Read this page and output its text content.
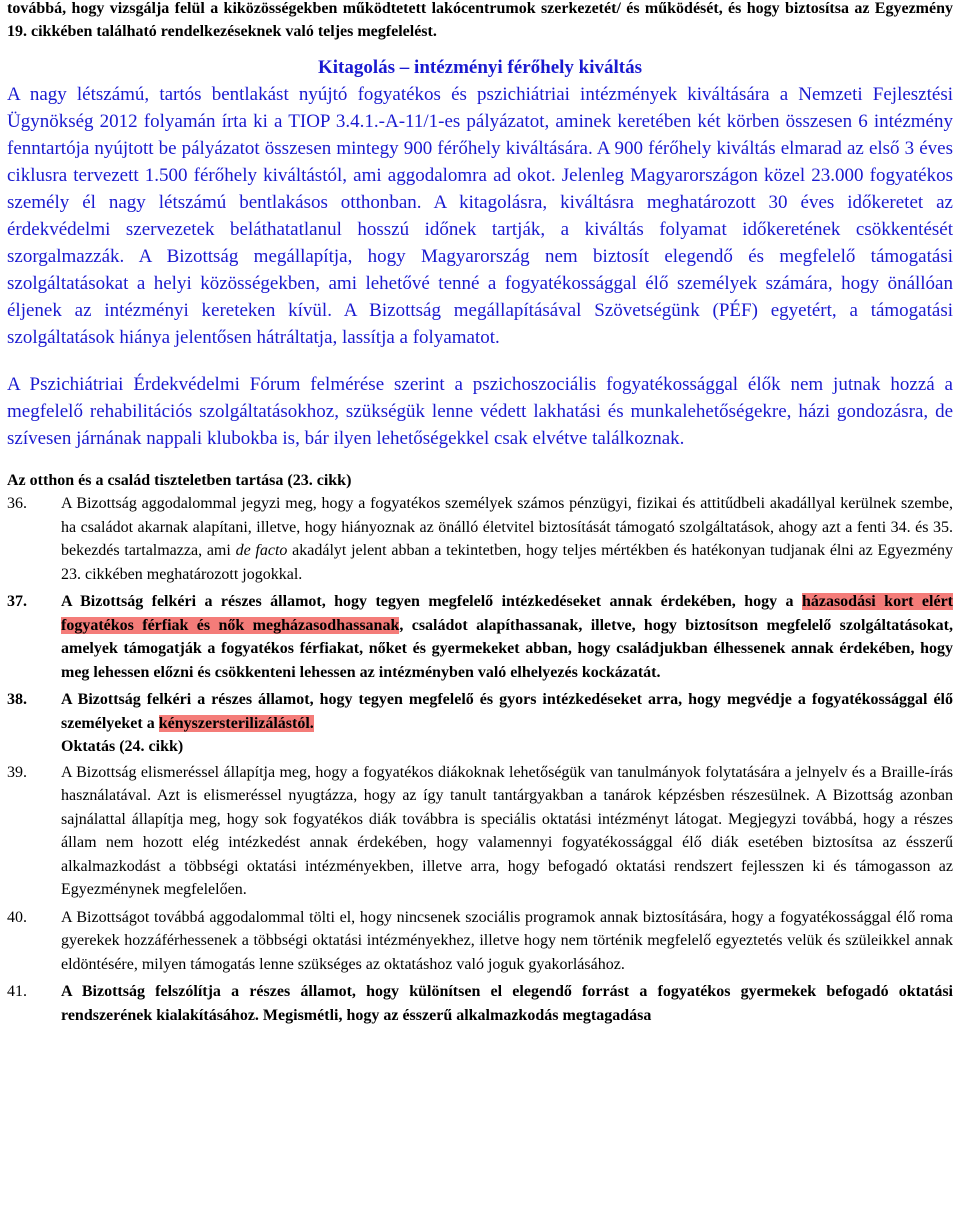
továbbá, hogy vizsgálja felül a kiközösségekben működtetett lakócentrumok szerkezetét/ és működését, és hogy biztosítsa az Egyezmény 19. cikkében található rendelkezéseknek való teljes megfelelést.

Kitagolás – intézményi férőhely kiváltás

A nagy létszámú, tartós bentlakást nyújtó fogyatékos és pszichiátriai intézmények kiváltására a Nemzeti Fejlesztési Ügynökség 2012 folyamán írta ki a TIOP 3.4.1.-A-11/1-es pályázatot, aminek keretében két körben összesen 6 intézmény fenntartója nyújtott be pályázatot összesen mintegy 900 férőhely kiváltására. A 900 férőhely kiváltás elmarad az első 3 éves ciklusra tervezett 1.500 férőhely kiváltástól, ami aggodalomra ad okot. Jelenleg Magyarországon közel 23.000 fogyatékos személy él nagy létszámú bentlakásos otthonban. A kitagolásra, kiváltásra meghatározott 30 éves időkeretet az érdekvédelmi szervezetek beláthatatlanul hosszú időnek tartják, a kiváltás folyamat időkeretének csökkentését szorgalmazzák. A Bizottság megállapítja, hogy Magyarország nem biztosít elegendő és megfelelő támogatási szolgáltatásokat a helyi közösségekben, ami lehetővé tenné a fogyatékossággal élő személyek számára, hogy önállóan éljenek az intézményi kereteken kívül. A Bizottság megállapításával Szövetségünk (PÉF) egyetért, a támogatási szolgáltatások hiánya jelentősen hátráltatja, lassítja a folyamatot.

A Pszichiátriai Érdekvédelmi Fórum felmérése szerint a pszichoszociális fogyatékossággal élők nem jutnak hozzá a megfelelő rehabilitációs szolgáltatásokhoz, szükségük lenne védett lakhatási és munkalehetőségekre, házi gondozásra, de szívesen járnának nappali klubokba is, bár ilyen lehetőségekkel csak elvétve találkoznak.

Az otthon és a család tiszteletben tartása (23. cikk)

36.	A Bizottság aggodalommal jegyzi meg, hogy a fogyatékos személyek számos pénzügyi, fizikai és attitűdbeli akadállyal kerülnek szembe, ha családot akarnak alapítani, illetve, hogy hiányoznak az önálló életvitel biztosítását támogató szolgáltatások, ahogy azt a fenti 34. és 35. bekezdés tartalmazza, ami de facto akadályt jelent abban a tekintetben, hogy teljes mértékben és hatékonyan tudjanak élni az Egyezmény 23. cikkében meghatározott jogokkal.
37.	A Bizottság felkéri a részes államot, hogy tegyen megfelelő intézkedéseket annak érdekében, hogy a házasodási kort elért fogyatékos férfiak és nők megházasodhassanak, családot alapíthassanak, illetve, hogy biztosítson megfelelő szolgáltatásokat, amelyek támogatják a fogyatékos férfiakat, nőket és gyermekeket abban, hogy családjukban élhessenek annak érdekében, hogy meg lehessen előzni és csökkenteni lehessen az intézményben való elhelyezés kockázatát.
38.	A Bizottság felkéri a részes államot, hogy tegyen megfelelő és gyors intézkedéseket arra, hogy megvédje a fogyatékossággal élő személyeket a kényszersterilizálástól.
Oktatás (24. cikk)
39.	A Bizottság elismeréssel állapítja meg, hogy a fogyatékos diákoknak lehetőségük van tanulmányok folytatására a jelnyelv és a Braille-írás használatával. Azt is elismeréssel nyugtázza, hogy az így tanult tantárgyakban a tanárok képzésben részesülnek. A Bizottság azonban sajnálattal állapítja meg, hogy sok fogyatékos diák továbbra is speciális oktatási intézményt látogat. Megjegyzi továbbá, hogy a részes állam nem hozott elég intézkedést annak érdekében, hogy valamennyi fogyatékossággal élő diák esetében biztosítsa az ésszerű alkalmazkodást a többségi oktatási intézményekben, illetve arra, hogy befogadó oktatási rendszert fejlesszen ki és támogasson az Egyezménynek megfelelően.
40.	A Bizottságot továbbá aggodalommal tölti el, hogy nincsenek szociális programok annak biztosítására, hogy a fogyatékossággal élő roma gyerekek hozzáférhessenek a többségi oktatási intézményekhez, illetve hogy nem történik megfelelő egyeztetés velük és szüleikkel annak eldöntésére, milyen támogatás lenne szükséges az oktatáshoz való joguk gyakorlásához.
41.	A Bizottság felszólítja a részes államot, hogy különítsen el elegendő forrást a fogyatékos gyermekek befogadó oktatási rendszerének kialakításához. Megismétli, hogy az ésszerű alkalmazkodás megtagadása
